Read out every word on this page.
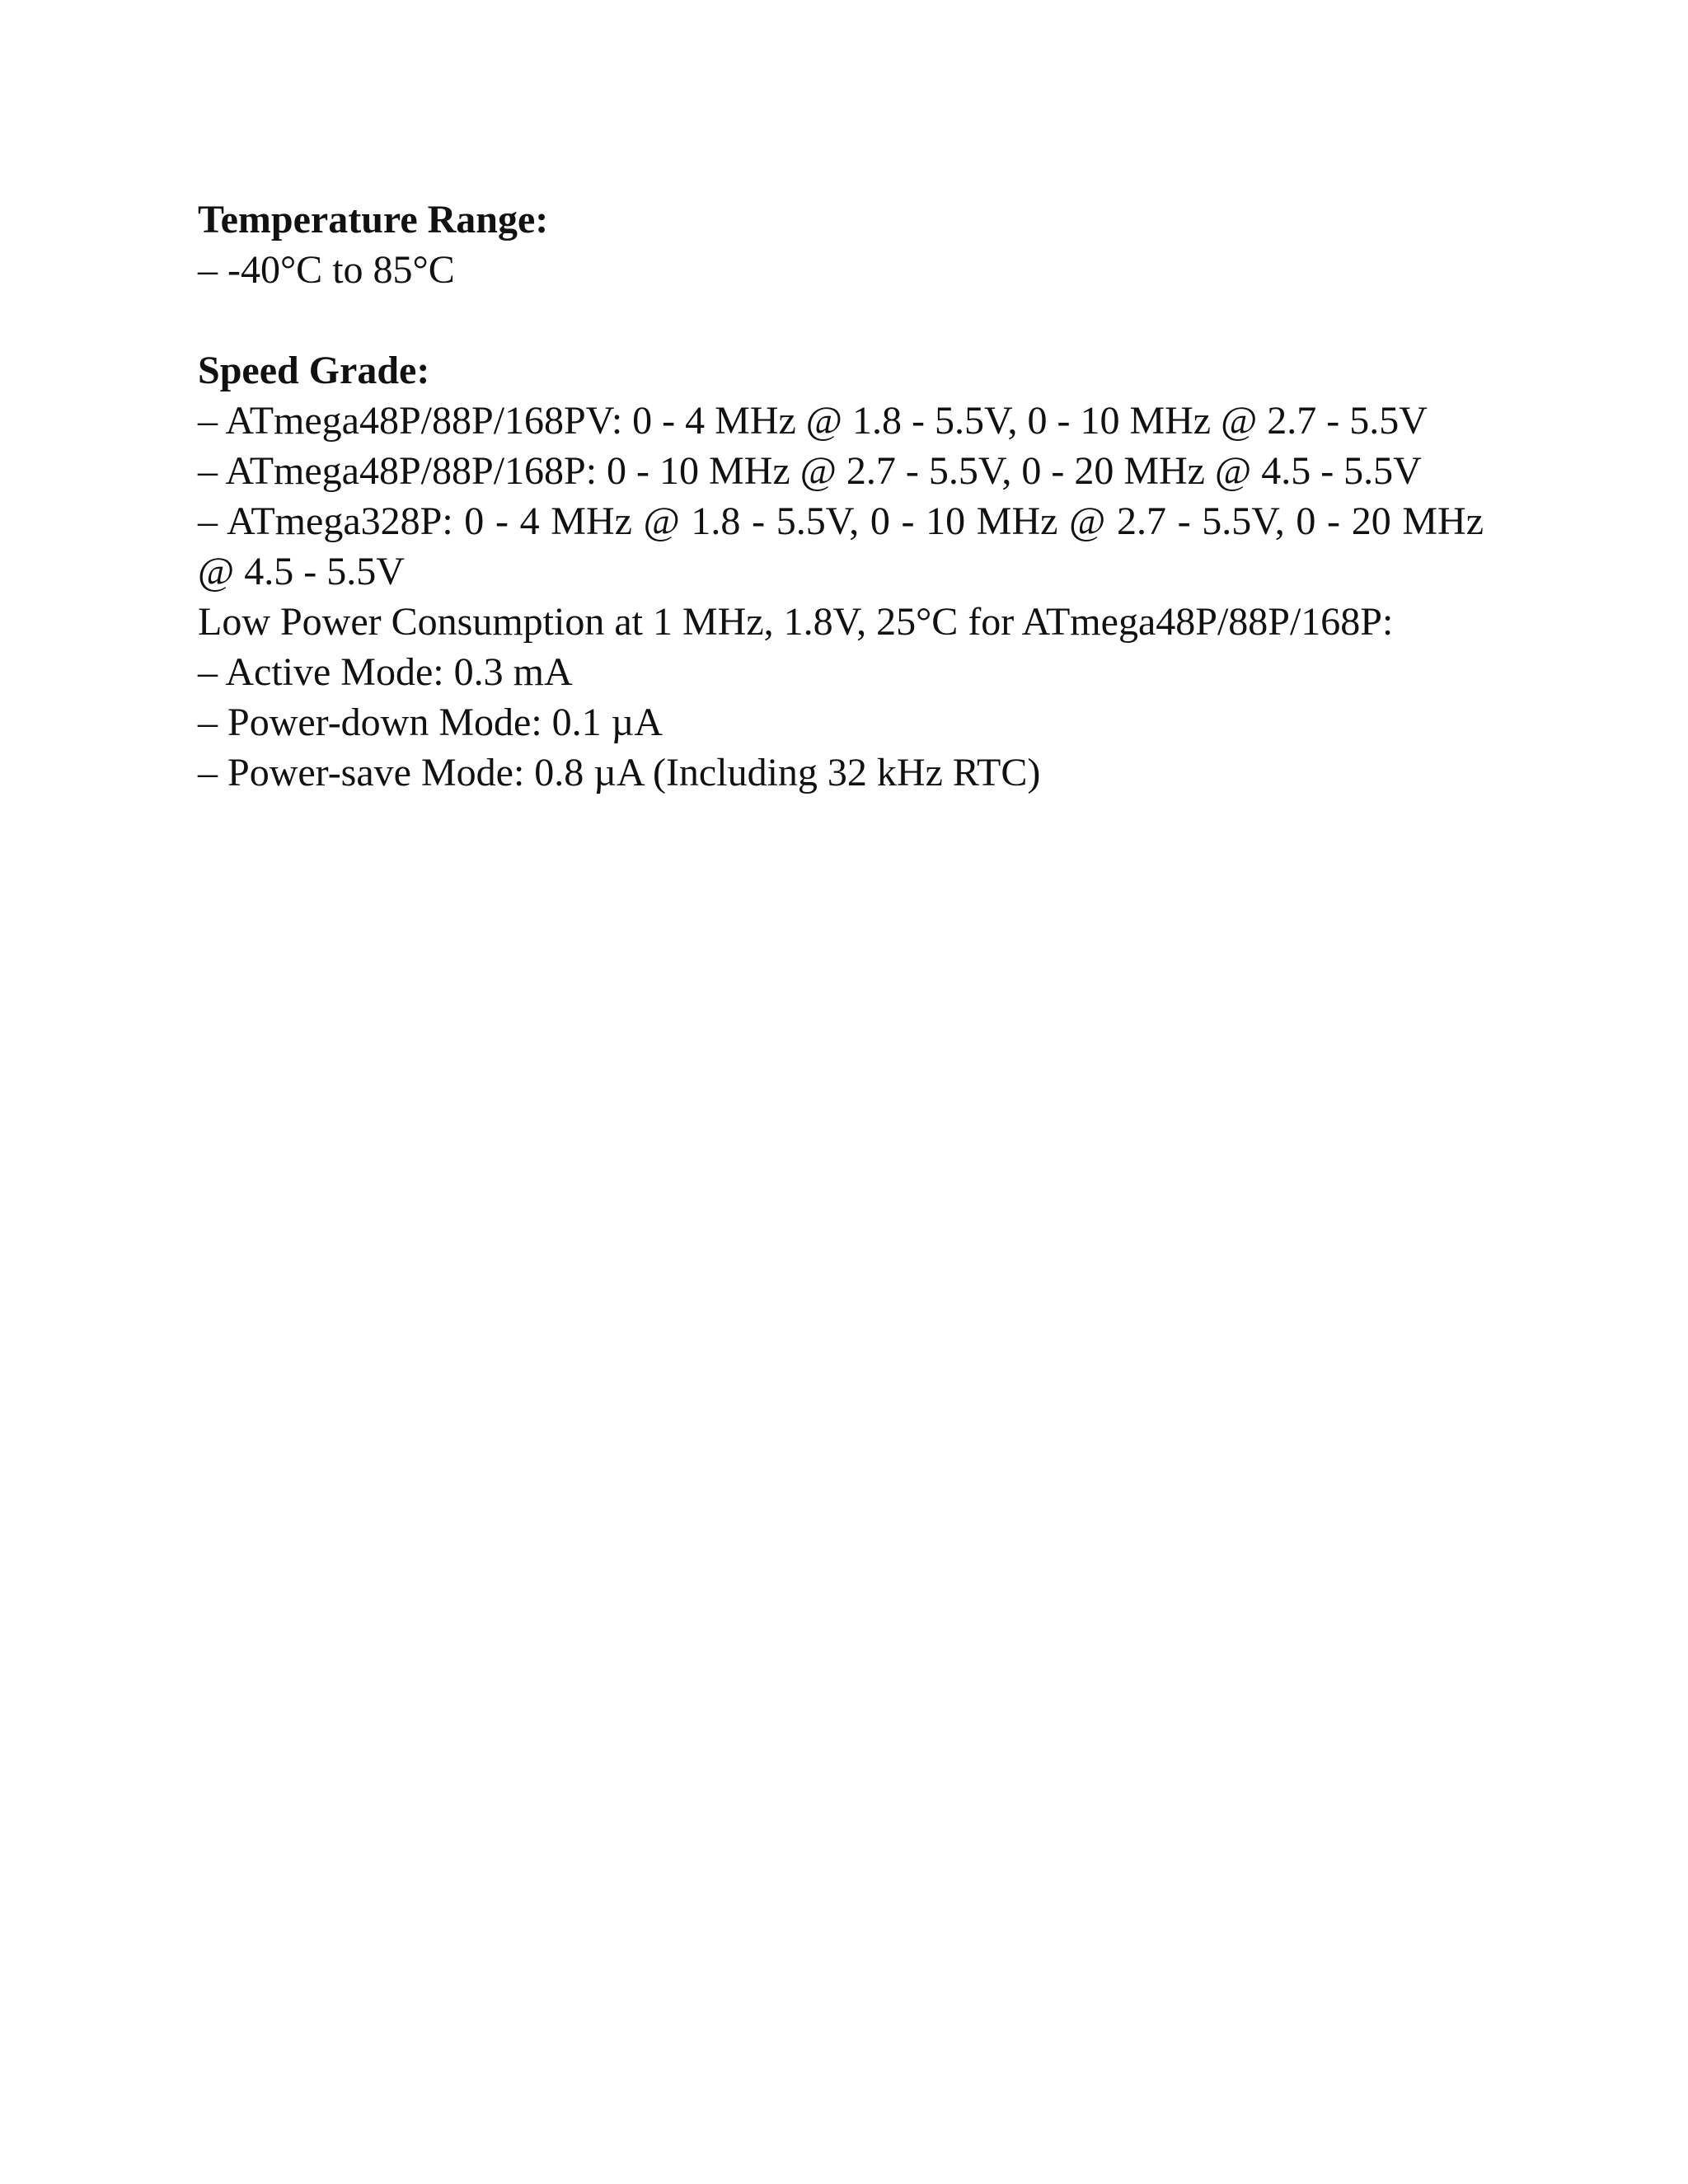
Temperature Range:

– -40°C to 85°C

Speed Grade:

– ATmega48P/88P/168PV: 0 - 4 MHz @ 1.8 - 5.5V, 0 - 10 MHz @ 2.7 - 5.5V

– ATmega48P/88P/168P: 0 - 10 MHz @ 2.7 - 5.5V, 0 - 20 MHz @ 4.5 - 5.5V

– ATmega328P: 0 - 4 MHz @ 1.8 - 5.5V, 0 - 10 MHz @ 2.7 - 5.5V, 0 - 20 MHz @ 4.5 - 5.5V

Low Power Consumption at 1 MHz, 1.8V, 25°C for ATmega48P/88P/168P:

– Active Mode: 0.3 mA

– Power-down Mode: 0.1 µA

– Power-save Mode: 0.8 µA (Including 32 kHz RTC)
